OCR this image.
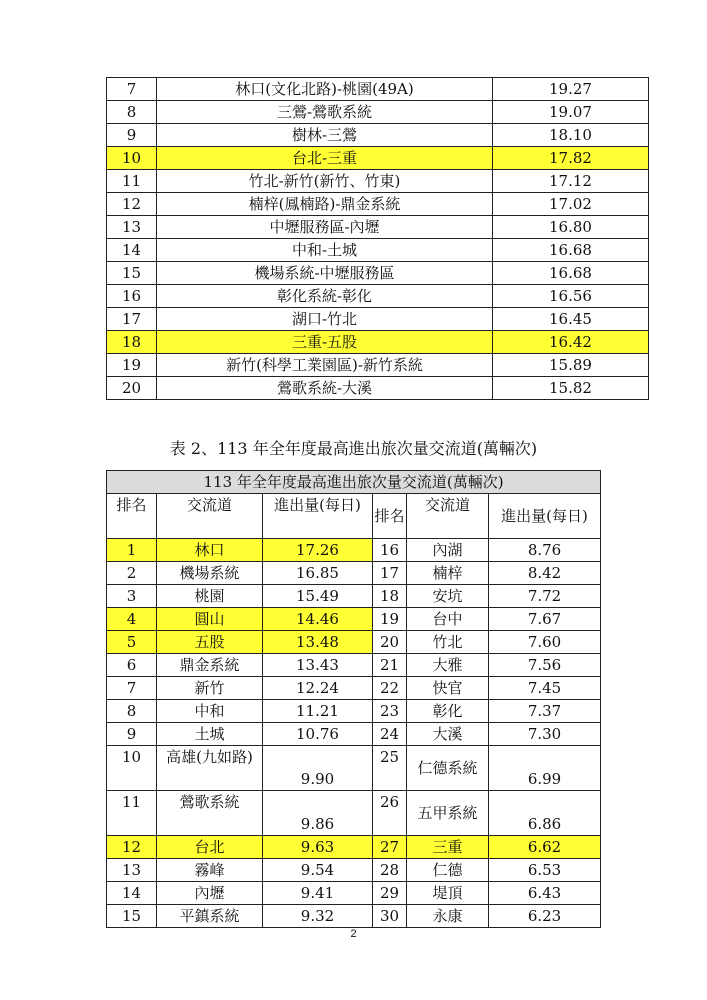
7	林口(文化北路)-桃園(49A)	19.27
8	三鶯-鶯歌系統	19.07
9	樹林-三鶯	18.10
10	台北-三重	17.82
11	竹北-新竹(新竹、竹東)	17.12
12	楠梓(鳳楠路)-鼎金系統	17.02
13	中壢服務區-內壢	16.80
14	中和-土城	16.68
15	機場系統-中壢服務區	16.68
16	彰化系統-彰化	16.56
17	湖口-竹北	16.45
18	三重-五股	16.42
19	新竹(科學工業園區)-新竹系統	15.89
20	鶯歌系統-大溪	15.82
表 2、113 年全年度最高進出旅次量交流道(萬輛次)
113 年全年度最高進出旅次量交流道(萬輛次)					
排名	交流道	進出量(每日)	排名	交流道	進出量(每日)
1	林口	17.26	16	內湖	8.76
2	機場系統	16.85	17	楠梓	8.42
3	桃園	15.49	18	安坑	7.72
4	圓山	14.46	19	台中	7.67
5	五股	13.48	20	竹北	7.60
6	鼎金系統	13.43	21	大雅	7.56
7	新竹	12.24	22	快官	7.45
8	中和	11.21	23	彰化	7.37
9	土城	10.76	24	大溪	7.30
10	高雄(九如路)	9.90	25	仁德系統	6.99
11	鶯歌系統	9.86	26	五甲系統	6.86
12	台北	9.63	27	三重	6.62
13	霧峰	9.54	28	仁德	6.53
14	內壢	9.41	29	堤頂	6.43
15	平鎮系統	9.32	30	永康	6.23
2
